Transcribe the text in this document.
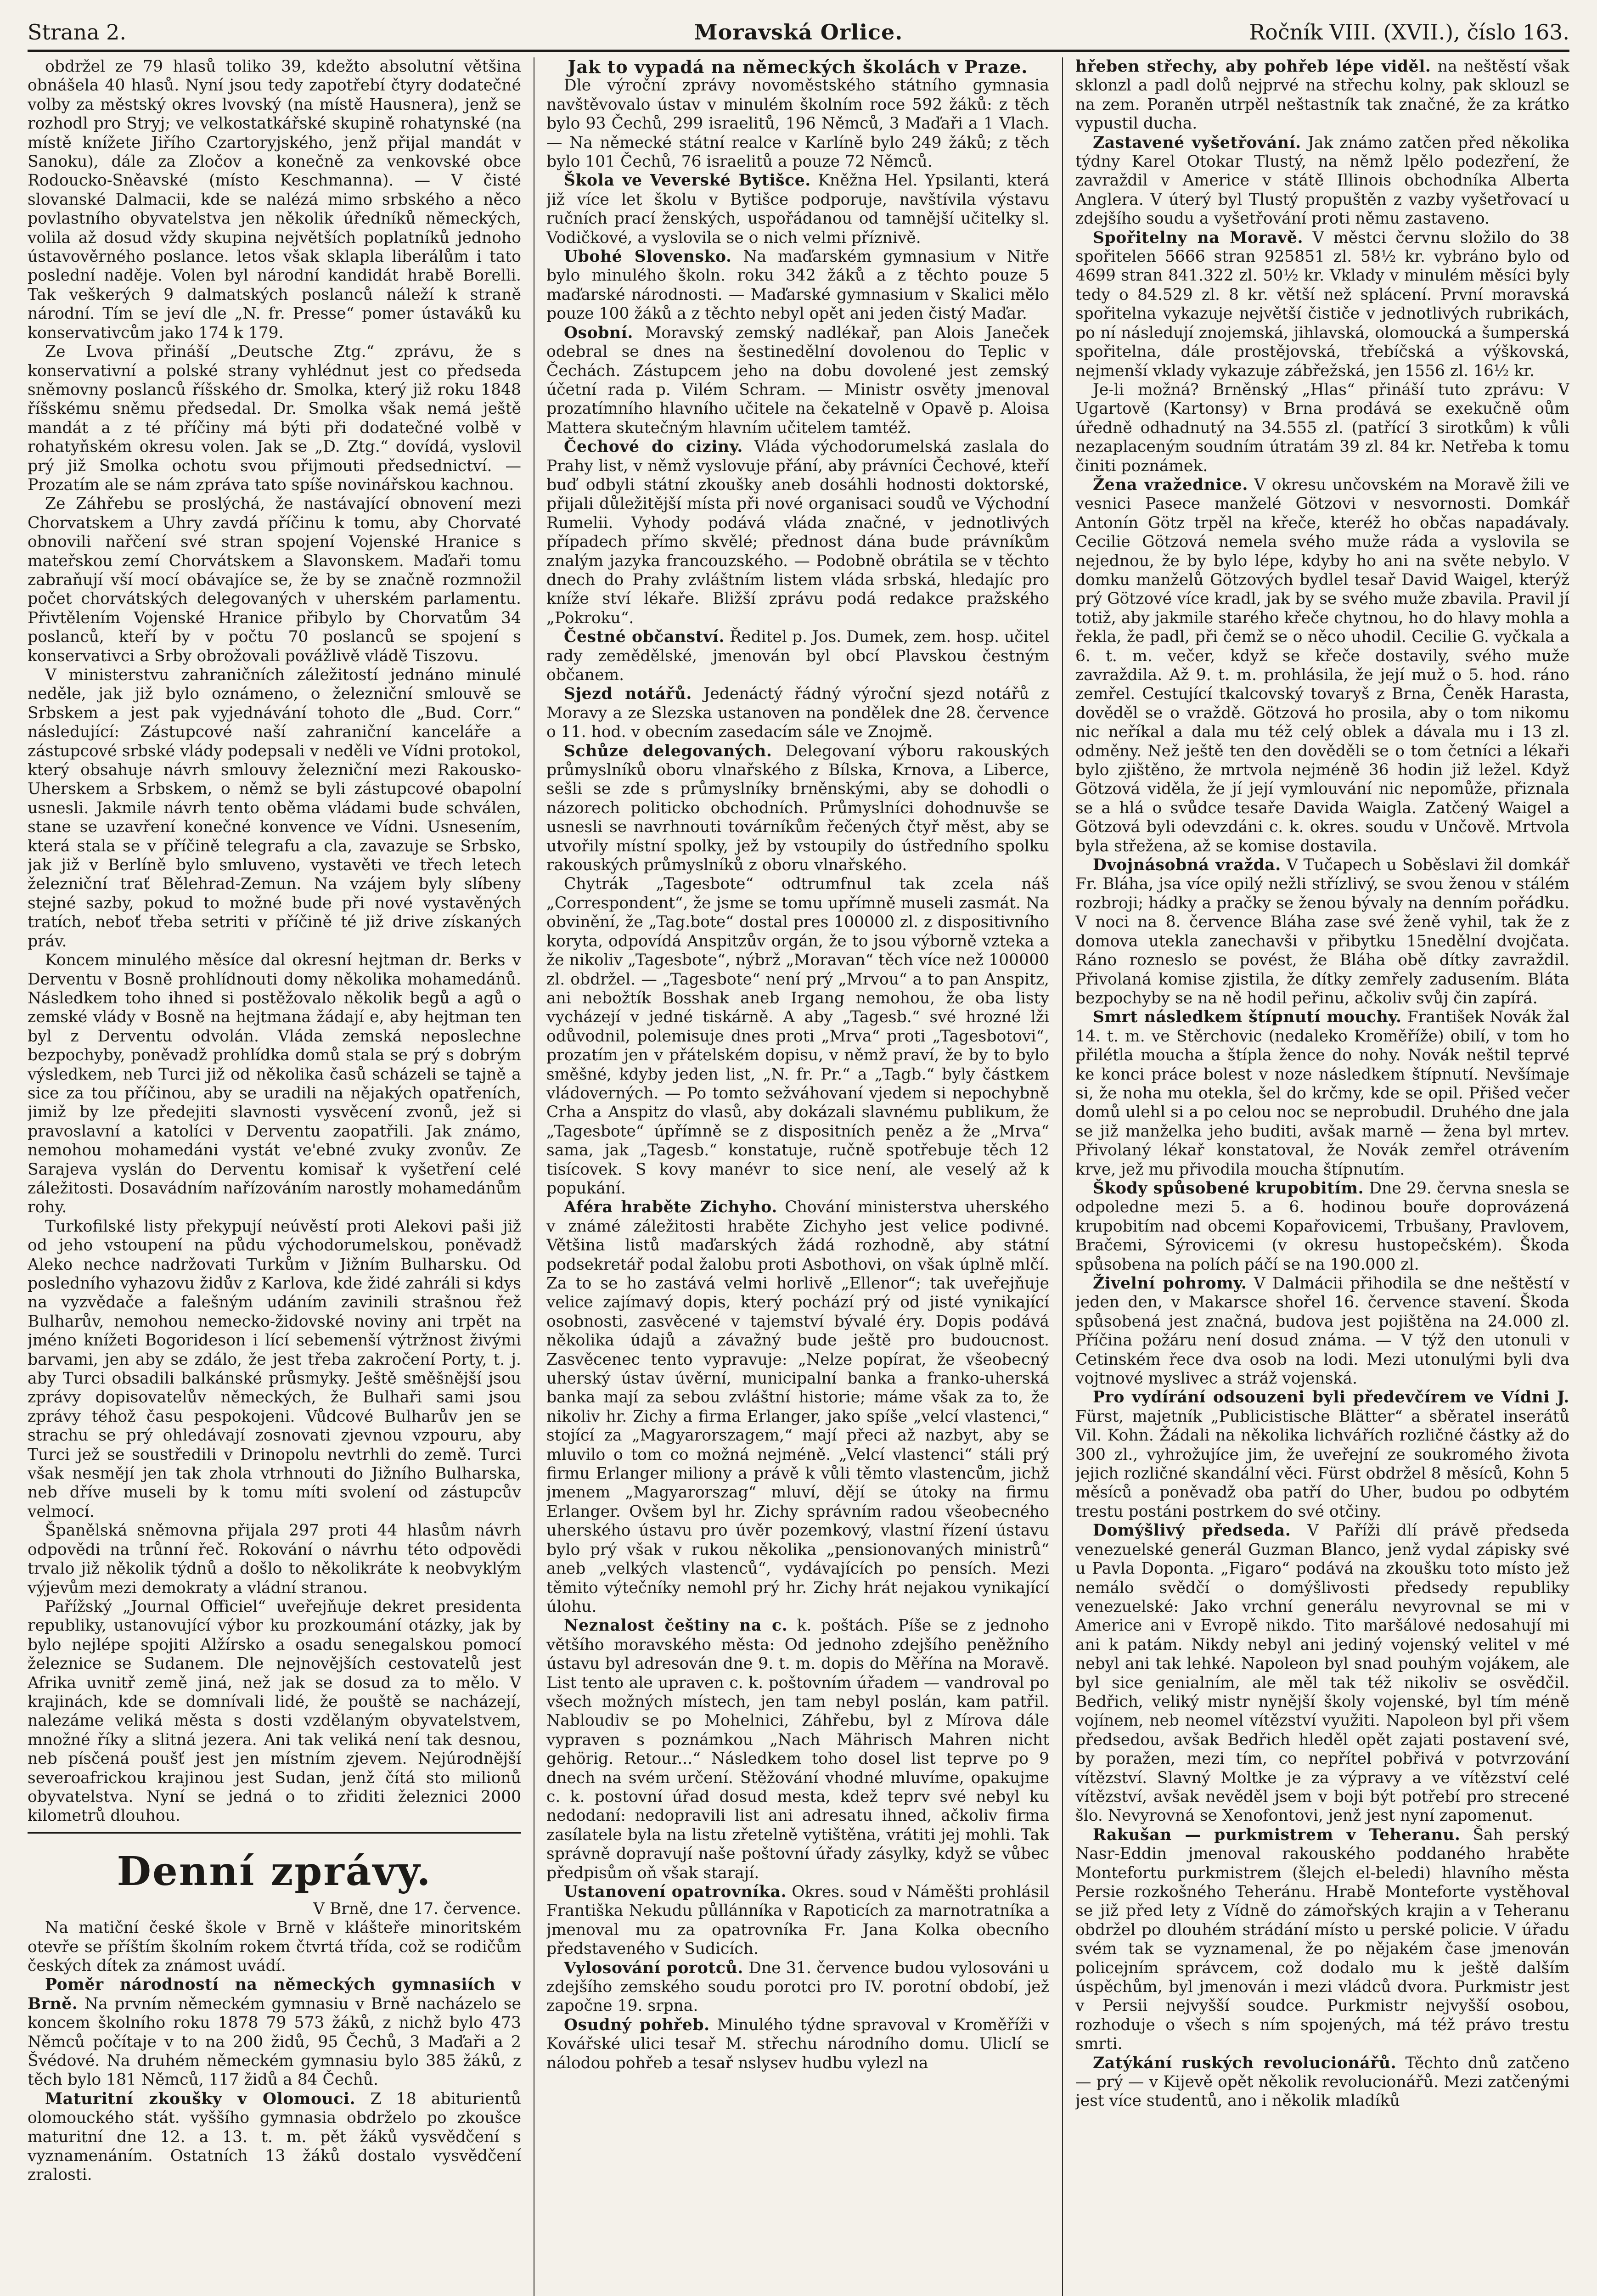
Strana 2.	Moravská Orlice.	Ročník VIII. (XVII.), číslo 163.

obdržel ze 79 hlasů toliko 39, kdežto absolutní většina obnášela 40 hlasů. Nyní jsou tedy zapotřebí čtyry dodatečné volby za městský okres lvovský (na místě Hausnera), jenž se rozhodl pro Stryj; ve velkostatkářské skupině rohatynské (na místě knížete Jiřího Czartoryjského, jenž přijal mandát v Sanoku), dále za Zločov a konečně za venkovské obce Rodoucko-Sněavské (místo Keschmanna). — V čisté slovanské Dalmacii, kde se nalézá mimo srbského a něco povlastního obyvatelstva jen několik úředníků německých, volila až dosud vždy skupina největších poplatníků jednoho ústavověrného poslance. letos však sklapla liberálům i tato poslední naděje. Volen byl národní kandidát hrabě Borelli. Tak veškerých 9 dalmatských poslanců náleží k straně národní. Tím se jeví dle „N. fr. Presse“ pomer ústaváků ku konservativcům jako 174 k 179.

Ze Lvova přináší „Deutsche Ztg.“ zprávu, že s konservativní a polské strany vyhlédnut jest co předseda sněmovny poslanců říšského dr. Smolka, který již roku 1848 říšskému sněmu předsedal. Dr. Smolka však nemá ještě mandát a z té příčiny má býti při dodatečné volbě v rohatyňském okresu volen. Jak se „D. Ztg.“ dovídá, vyslovil prý již Smolka ochotu svou přijmouti předsednictví. — Prozatím ale se nám zpráva tato spíše novinářskou kachnou.

Ze Záhřebu se proslýchá, že nastávající obnovení mezi Chorvatskem a Uhry zavdá příčinu k tomu, aby Chorvaté obnovili nařčení své stran spojení Vojenské Hranice s mateřskou zemí Chorvátskem a Slavonskem. Maďaři tomu zabraňují vší mocí obávajíce se, že by se značně rozmnožil počet chorvátských delegovaných v uherském parlamentu. Přivtělením Vojenské Hranice přibylo by Chorvatům 34 poslanců, kteří by v počtu 70 poslanců se spojení s konservativci a Srby obrožovali povážlivě vládě Tiszovu.

V ministerstvu zahraničních záležitostí jednáno minulé neděle, jak již bylo oznámeno, o železniční smlouvě se Srbskem a jest pak vyjednávání tohoto dle „Bud. Corr.“ následující: Zástupcové naší zahraniční kanceláře a zástupcové srbské vlády podepsali v neděli ve Vídni protokol, který obsahuje návrh smlouvy železniční mezi Rakousko-Uherskem a Srbskem, o němž se byli zástupcové obapolní usnesli. Jakmile návrh tento oběma vládami bude schválen, stane se uzavření konečné konvence ve Vídni. Usnesením, která stala se v příčině telegrafu a cla, zavazuje se Srbsko, jak již v Berlíně bylo smluveno, vystavěti ve třech letech železniční trať Bělehrad-Zemun. Na vzájem byly slíbeny stejné sazby, pokud to možné bude při nové vystavěných tratích, neboť třeba setriti v příčině té již drive získaných práv.

Koncem minulého měsíce dal okresní hejtman dr. Berks v Derventu v Bosně prohlídnouti domy několika mohamedánů. Následkem toho ihned si postěžovalo několik begů a agů o zemské vlády v Bosně na hejtmana žádají e, aby hejtman ten byl z Derventu odvolán. Vláda zemská neposlechne bezpochyby, poněvadž prohlídka domů stala se prý s dobrým výsledkem, neb Turci již od několika časů scházeli se tajně a sice za tou příčinou, aby se uradili na nějakých opatřeních, jimiž by lze předejiti slavnosti vysvěcení zvonů, jež si pravoslavní a katolíci v Derventu zaopatřili. Jak známo, nemohou mohamedáni vystát ve'ebné zvuky zvonův. Ze Sarajeva vyslán do Derventu komisař k vyšetření celé záležitosti. Dosavádním nařízováním narostly mohamedánům rohy.

Turkofilské listy překypují neúvěstí proti Alekovi paši již od jeho vstoupení na půdu východorumelskou, poněvadž Aleko nechce nadržovati Turkům v Jižním Bulharsku. Od posledního vyhazovu židův z Karlova, kde židé zahráli si kdys na vyzvědače a falešným udáním zavinili strašnou řež Bulharův, nemohou nemecko-židovské noviny ani trpět na jméno knížeti Bogorideson i lící sebemenší výtržnost živými barvami, jen aby se zdálo, že jest třeba zakročení Porty, t. j. aby Turci obsadili balkánské průsmyky. Ještě směšnější jsou zprávy dopisovatelův německých, že Bulhaři sami jsou zprávy téhož času pespokojeni. Vůdcové Bulharův jen se strachu se prý ohledávají zosnovati zjevnou vzpouru, aby Turci jež se soustředili v Drinopolu nevtrhli do země. Turci však nesmějí jen tak zhola vtrhnouti do Jižního Bulharska, neb dříve museli by k tomu míti svolení od zástupcův velmocí.

Španělská sněmovna přijala 297 proti 44 hlasům návrh odpovědi na trůnní řeč. Rokování o návrhu této odpovědi trvalo již několik týdnů a došlo to několikráte k neobvyklým výjevům mezi demokraty a vládní stranou.

Pařížský „Journal Officiel“ uveřejňuje dekret presidenta republiky, ustanovující výbor ku prozkoumání otázky, jak by bylo nejlépe spojiti Alžírsko a osadu senegalskou pomocí železnice se Sudanem. Dle nejnovějších cestovatelů jest Afrika uvnitř země jiná, než jak se dosud za to mělo. V krajinách, kde se domnívali lidé, že pouště se nacházejí, nalezáme veliká města s dosti vzdělaným obyvatelstvem, množné říky a slitná jezera. Ani tak veliká není tak desnou, neb písčená poušť jest jen místním zjevem. Nejúrodnější severoafrickou krajinou jest Sudan, jenž čítá sto milionů obyvatelstva. Nyní se jedná o to zřiditi železnici 2000 kilometrů dlouhou.

Denní zprávy.

V Brně, dne 17. července.

Na matiční české škole v Brně v klášteře minoritském otevře se příštím školním rokem čtvrtá třída, což se rodičům českých dítek za známost uvádí.

Poměr národností na německých gymnasiích v Brně. Na prvním německém gymnasiu v Brně nacházelo se koncem školního roku 1878 79 573 žáků, z nichž bylo 473 Němců počítaje v to na 200 židů, 95 Čechů, 3 Maďaři a 2 Švédové. Na druhém německém gymnasiu bylo 385 žáků, z těch bylo 181 Němců, 117 židů a 84 Čechů.

Maturitní zkoušky v Olomouci. Z 18 abiturientů olomouckého stát. vyššího gymnasia obdrželo po zkoušce maturitní dne 12. a 13. t. m. pět žáků vysvědčení s vyznamenáním. Ostatních 13 žáků dostalo vysvědčení zralosti.

Jak to vypadá na německých školách v Praze.

Dle výroční zprávy novoměstského státního gymnasia navštěvovalo ústav v minulém školním roce 592 žáků: z těch bylo 93 Čechů, 299 israelitů, 196 Němců, 3 Maďaři a 1 Vlach. — Na německé státní realce v Karlíně bylo 249 žáků; z těch bylo 101 Čechů, 76 israelitů a pouze 72 Němců.

Škola ve Veverské Bytišce. Kněžna Hel. Ypsilanti, která již více let školu v Bytišce podporuje, navštívila výstavu ručních prací ženských, uspořádanou od tamnější učitelky sl. Vodičkové, a vyslovila se o nich velmi příznivě.

Ubohé Slovensko. Na maďarském gymnasium v Nitře bylo minulého školn. roku 342 žáků a z těchto pouze 5 maďarské národnosti. — Maďarské gymnasium v Skalici mělo pouze 100 žáků a z těchto nebyl opět ani jeden čistý Maďar.

Osobní. Moravský zemský nadlékař, pan Alois Janeček odebral se dnes na šestinedělní dovolenou do Teplic v Čechách. Zástupcem jeho na dobu dovolené jest zemský účetní rada p. Vilém Schram. — Ministr osvěty jmenoval prozatímního hlavního učitele na čekatelně v Opavě p. Aloisa Mattera skutečným hlavním učitelem tamtéž.

Čechové do ciziny. Vláda východorumelská zaslala do Prahy list, v němž vyslovuje přání, aby právníci Čechové, kteří buď odbyli státní zkoušky aneb dosáhli hodnosti doktorské, přijali důležitější místa při nové organisaci soudů ve Východní Rumelii. Vyhody podává vláda značné, v jednotlivých případech přímo skvělé; přednost dána bude právníkům znalým jazyka francouzského. — Podobně obrátila se v těchto dnech do Prahy zvláštním listem vláda srbská, hledajíc pro kníže ství lékaře. Bližší zprávu podá redakce pražského „Pokroku“.

Čestné občanství. Ředitel p. Jos. Dumek, zem. hosp. učitel rady zemědělské, jmenován byl obcí Plavskou čestným občanem.

Sjezd notářů. Jedenáctý řádný výroční sjezd notářů z Moravy a ze Slezska ustanoven na pondělek dne 28. července o 11. hod. v obecním zasedacím sále ve Znojmě.

Schůze delegovaných. Delegovaní výboru rakouských průmyslníků oboru vlnařského z Bílska, Krnova, a Liberce, sešli se zde s průmyslníky brněnskými, aby se dohodli o názorech politicko obchodních. Průmyslníci dohodnuvše se usnesli se navrhnouti továrníkům řečených čtyř měst, aby se utvořily místní spolky, jež by vstoupily do ústředního spolku rakouských průmyslníků z oboru vlnařského.

Chytrák „Tagesbote“ odtrumfnul tak zcela náš „Correspondent“, že jsme se tomu upřímně museli zasmát. Na obvinění, že „Tag.bote“ dostal pres 100000 zl. z dispositivního koryta, odpovídá Anspitzův orgán, že to jsou výborně vzteka a že nikoliv „Tagesbote“, nýbrž „Moravan“ těch více než 100000 zl. obdržel. — „Tagesbote“ není prý „Mrvou“ a to pan Anspitz, ani nebožtík Bosshak aneb Irgang nemohou, že oba listy vycházejí v jedné tiskárně. A aby „Tagesb.“ své hrozné lži odůvodnil, polemisuje dnes proti „Mrva“ proti „Tagesbotovi“, prozatím jen v přátelském dopisu, v němž praví, že by to bylo směšné, kdyby jeden list, „N. fr. Pr.“ a „Tagb.“ byly částkem vládoverných. — Po tomto sežváhovaní vjedem si nepochybně Crha a Anspitz do vlasů, aby dokázali slavnému publikum, že „Tagesbote“ úpřímně se z dispositních peněz a že „Mrva“ sama, jak „Tagesb.“ konstatuje, ručně spotřebuje těch 12 tisícovek. S kovy manévr to sice není, ale veselý až k popukání.

Aféra hraběte Zichyho. Chování ministerstva uherského v známé záležitosti hraběte Zichyho jest velice podivné. Většina listů maďarských žádá rozhodně, aby státní podsekretář podal žalobu proti Asbothovi, on však úplně mlčí. Za to se ho zastává velmi horlivě „Ellenor“; tak uveřejňuje velice zajímavý dopis, který pochází prý od jisté vynikající osobnosti, zasvěcené v tajemství bývalé éry. Dopis podává několika údajů a závažný bude ještě pro budoucnost. Zasvěcenec tento vypravuje: „Nelze popírat, že všeobecný uherský ústav úvěrní, municipalní banka a franko-uherská banka mají za sebou zvláštní historie; máme však za to, že nikoliv hr. Zichy a firma Erlanger, jako spíše „velcí vlastenci,“ stojící za „Magyarorszagem,“ mají přeci až nazbyt, aby se mluvilo o tom co možná nejméně. „Velcí vlastenci“ stáli prý firmu Erlanger miliony a právě k vůli těmto vlastencům, jichž jmenem „Magyarorszag“ mluví, dějí se útoky na firmu Erlanger. Ovšem byl hr. Zichy správním radou všeobecného uherského ústavu pro úvěr pozemkový, vlastní řízení ústavu bylo prý však v rukou několika „pensionovaných ministrů“ aneb „velkých vlastenců“, vydávajících po pensích. Mezi těmito výtečníky nemohl prý hr. Zichy hrát nejakou vynikající úlohu.

Neznalost češtiny na c. k. poštách. Píše se z jednoho většího moravského města: Od jednoho zdejšího peněžního ústavu byl adresován dne 9. t. m. dopis do Měřína na Moravě. List tento ale upraven c. k. poštovním úřadem — vandroval po všech možných místech, jen tam nebyl poslán, kam patřil. Nabloudiv se po Mohelnici, Záhřebu, byl z Mírova dále vypraven s poznámkou „Nach Mährisch Mahren nicht gehörig. Retour...“ Následkem toho dosel list teprve po 9 dnech na svém určení. Stěžování vhodné mluvíme, opakujme c. k. postovní úřad dosud mesta, kdež teprv své nebyl ku nedodaní: nedopravili list ani adresatu ihned, ačkoliv firma zasílatele byla na listu zřetelně vytištěna, vrátiti jej mohli. Tak správně dopravují naše poštovní úřady zásylky, když se vůbec předpisům oň však starají.

Ustanovení opatrovníka. Okres. soud v Náměšti prohlásil Františka Nekudu půllánníka v Rapoticích za marnotratníka a jmenoval mu za opatrovníka Fr. Jana Kolka obecního představeného v Sudicích.

Vylosování porotců. Dne 31. července budou vylosováni u zdejšího zemského soudu porotci pro IV. porotní období, jež započne 19. srpna.

Osudný pohřeb. Minulého týdne spravoval v Kroměříži v Kovářské ulici tesař M. střechu národního domu. Uliclí se nálodou pohřeb a tesař nslysev hudbu vylezl na

hřeben střechy, aby pohřeb lépe viděl. na neštěstí však sklonzl a padl dolů nejprvé na střechu kolny, pak sklouzl se na zem. Poraněn utrpěl neštastník tak značné, že za krátko vypustil ducha.

Zastavené vyšetřování. Jak známo zatčen před několika týdny Karel Otokar Tlustý, na němž lpělo podezření, že zavraždil v Americe v státě Illinois obchodníka Alberta Anglera. V úterý byl Tlustý propuštěn z vazby vyšetřovací u zdejšího soudu a vyšetřování proti němu zastaveno.

Spořitelny na Moravě. V městci červnu složilo do 38 spořitelen 5666 stran 925851 zl. 58½ kr. vybráno bylo od 4699 stran 841.322 zl. 50½ kr. Vklady v minulém měsíci byly tedy o 84.529 zl. 8 kr. větší než splácení. První moravská spořitelna vykazuje největší čističe v jednotlivých rubrikách, po ní následují znojemská, jihlavská, olomoucká a šumperská spořitelna, dále prostějovská, třebíčská a výškovská, nejmenší vklady vykazuje zábřežská, jen 1556 zl. 16½ kr.

Je-li možná? Brněnský „Hlas“ přináší tuto zprávu: V Ugartově (Kartonsy) v Brna prodává se exekučně oům úředně odhadnutý na 34.555 zl. (patřící 3 sirotkům) k vůli nezaplaceným soudním útratám 39 zl. 84 kr. Netřeba k tomu činiti poznámek.

Žena vražednice. V okresu unčovském na Moravě žili ve vesnici Pasece manželé Götzovi v nesvornosti. Domkář Antonín Götz trpěl na křeče, kteréž ho občas napadávaly. Cecilie Götzová nemela svého muže ráda a vyslovila se nejednou, že by bylo lépe, kdyby ho ani na světe nebylo. V domku manželů Götzových bydlel tesař David Waigel, kterýž prý Götzové více kradl, jak by se svého muže zbavila. Pravil jí totiž, aby jakmile starého křeče chytnou, ho do hlavy mohla a řekla, že padl, při čemž se o něco uhodil. Cecilie G. vyčkala a 6. t. m. večer, když se křeče dostavily, svého muže zavraždila. Až 9. t. m. prohlásila, že její muž o 5. hod. ráno zemřel. Cestující tkalcovský tovaryš z Brna, Čeněk Harasta, dověděl se o vraždě. Götzová ho prosila, aby o tom nikomu nic neříkal a dala mu též celý oblek a dávala mu i 13 zl. odměny. Než ještě ten den dověděli se o tom četníci a lékaři bylo zjištěno, že mrtvola nejméně 36 hodin již ležel. Když Götzová viděla, že jí její vymlouvání nic nepomůže, přiznala se a hlá o svůdce tesaře Davida Waigla. Zatčený Waigel a Götzová byli odevzdáni c. k. okres. soudu v Unčově. Mrtvola byla střežena, až se komise dostavila.

Dvojnásobná vražda. V Tučapech u Soběslavi žil domkář Fr. Bláha, jsa více opilý nežli střízlivý, se svou ženou v stálém rozbroji; hádky a pračky se ženou bývaly na denním pořádku. V noci na 8. července Bláha zase své ženě vyhil, tak že z domova utekla zanechavši v přibytku 15nedělní dvojčata. Ráno rozneslo se povést, že Bláha obě dítky zavraždil. Přivolaná komise zjistila, že dítky zemřely zadusením. Bláta bezpochyby se na ně hodil peřinu, ačkoliv svůj čin zapírá.

Smrt následkem štípnutí mouchy. František Novák žal 14. t. m. ve Stěrchovic (nedaleko Kroměříže) obilí, v tom ho přilétla moucha a štípla žence do nohy. Novák neštil teprvé ke konci práce bolest v noze následkem štípnutí. Nevšímaje si, že noha mu otekla, šel do krčmy, kde se opil. Přišed večer domů ulehl si a po celou noc se neprobudil. Druhého dne jala se již manželka jeho buditi, avšak marně — žena byl mrtev. Přivolaný lékař konstatoval, že Novák zemřel otrávením krve, jež mu přivodila moucha štípnutím.

Škody spůsobené krupobitím. Dne 29. června snesla se odpoledne mezi 5. a 6. hodinou bouře doprovázená krupobitím nad obcemi Kopařovicemi, Trbušany, Pravlovem, Bračemi, Sýrovicemi (v okresu hustopečském). Škoda spůsobena na polích páčí se na 190.000 zl.

Živelní pohromy. V Dalmácii přihodila se dne neštěstí v jeden den, v Makarsce shořel 16. července stavení. Škoda spůsobená jest značná, budova jest pojištěna na 24.000 zl. Příčina požáru není dosud známa. — V týž den utonuli v Cetinském řece dva osob na lodi. Mezi utonulými byli dva vojtnové myslivec a stráž vojenská.

Pro vydírání odsouzeni byli předevčírem ve Vídni J. Fürst, majetník „Publicistische Blätter“ a sběratel inserátů Vil. Kohn. Žádali na několika lichvářích rozličné částky až do 300 zl., vyhrožujíce jim, že uveřejní ze soukromého života jejich rozličné skandální věci. Fürst obdržel 8 měsíců, Kohn 5 měsíců a poněvadž oba patří do Uher, budou po odbytém trestu postáni postrkem do své otčiny.

Domýšlivý předseda. V Paříži dlí právě předseda venezuelské generál Guzman Blanco, jenž vydal zápisky své u Pavla Doponta. „Figaro“ podává na zkoušku toto místo jež nemálo svědčí o domýšlivosti předsedy republiky venezuelské: Jako vrchní generálu nevyrovnal se mi v Americe ani v Evropě nikdo. Tito maršálové nedosahují mi ani k patám. Nikdy nebyl ani jediný vojenský velitel v mé nebyl ani tak lehké. Napoleon byl snad pouhým vojákem, ale byl sice genialním, ale měl tak též nikoliv se osvědčil. Bedřich, veliký mistr nynější školy vojenské, byl tím méně vojínem, neb neomel vítězství využiti. Napoleon byl při všem předsedou, avšak Bedřich hleděl opět zajati postavení své, by poražen, mezi tím, co nepřítel pobřivá v potvrzování vítězství. Slavný Moltke je za výpravy a ve vítězství celé vítězství, avšak nevěděl jsem v boji být potřebí pro strecené šlo. Nevyrovná se Xenofontovi, jenž jest nyní zapomenut.

Rakušan — purkmistrem v Teheranu. Šah perský Nasr-Eddin jmenoval rakouského poddaného hraběte Montefortu purkmistrem (šlejch el-beledi) hlavního města Persie rozkošného Teheránu. Hrabě Monteforte vystěhoval se již před lety z Vídně do zámořských krajin a v Teheranu obdržel po dlouhém strádání místo u perské policie. V úřadu svém tak se vyznamenal, že po nějakém čase jmenován policejním správcem, což dodalo mu k ještě dalším úspěchům, byl jmenován i mezi vládců dvora. Purkmistr jest v Persii nejvyšší soudce. Purkmistr nejvyšší osobou, rozhoduje o všech s ním spojených, má též právo trestu smrti.

Zatýkání ruských revolucionářů. Těchto dnů zatčeno — prý — v Kijevě opět několik revolucionářů. Mezi zatčenými jest více studentů, ano i několik mladíků
